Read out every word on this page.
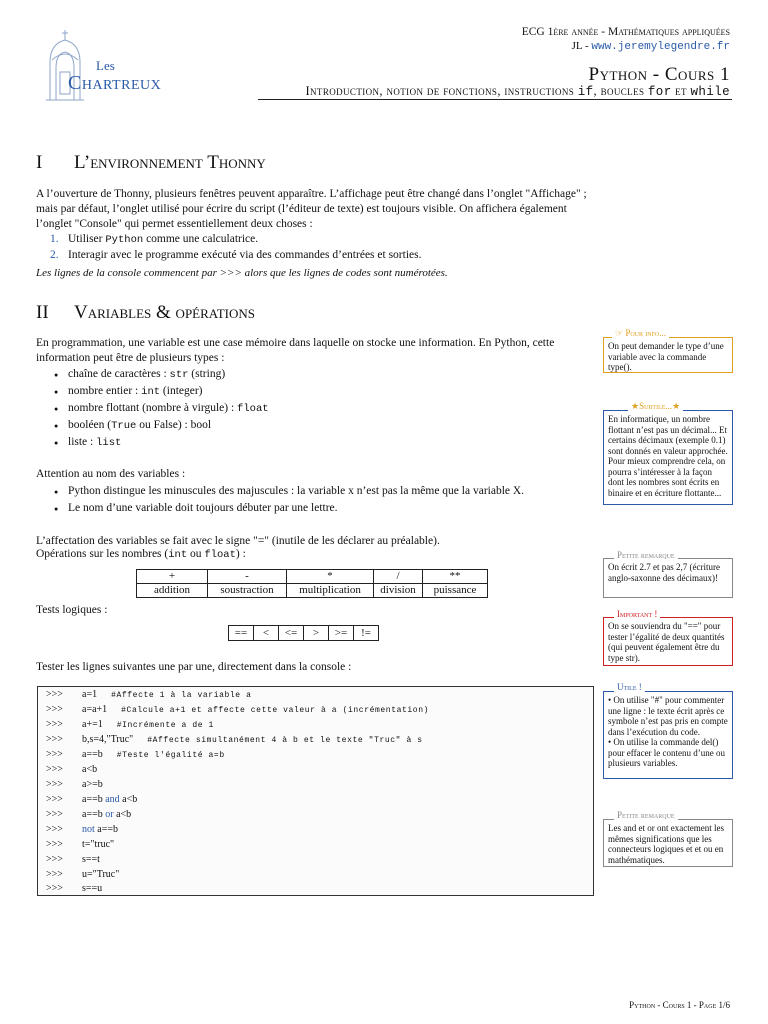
Les
Chartreux
ECG 1ère année - Mathématiques appliquées
JL - www.jeremylegendre.fr
Python - Cours 1
Introduction, notion de fonctions, instructions if, boucles for et while
I L’environnement Thonny
A l’ouverture de Thonny, plusieurs fenêtres peuvent apparaître. L’affichage peut être changé dans l’onglet "Affichage" ; mais par défaut, l’onglet utilisé pour écrire du script (l’éditeur de texte) est toujours visible. On affichera également l’onglet "Console" qui permet essentiellement deux choses :
1. Utiliser Python comme une calculatrice.
2. Interagir avec le programme exécuté via des commandes d’entrées et sorties.
Les lignes de la console commencent par >>> alors que les lignes de codes sont numérotées.
II Variables & opérations
En programmation, une variable est une case mémoire dans laquelle on stocke une information. En Python, cette information peut être de plusieurs types :
● chaîne de caractères : str (string)
● nombre entier : int (integer)
● nombre flottant (nombre à virgule) : float
● booléen (True ou False) : bool
● liste : list
Attention au nom des variables :
● Python distingue les minuscules des majuscules : la variable x n’est pas la même que la variable X.
● Le nom d’une variable doit toujours débuter par une lettre.
L’affectation des variables se fait avec le signe "=" (inutile de les déclarer au préalable).
Opérations sur les nombres (int ou float) :
+	-	*	/	**
addition	soustraction	multiplication	division	puissance
Tests logiques :
==	<	<=	>	>=	!=
Tester les lignes suivantes une par une, directement dans la console :
>>> a=1 #Affecte 1 à la variable a
>>> a=a+1 #Calcule a+1 et affecte cette valeur à a (incrémentation)
>>> a+=1 #Incrémente a de 1
>>> b,s=4,"Truc" #Affecte simultanément 4 à b et le texte "Truc" à s
>>> a==b #Teste l'égalité a=b
>>> a<b
>>> a>=b
>>> a==b and a<b
>>> a==b or a<b
>>> not a==b
>>> t="truc"
>>> s==t
>>> u="Truc"
>>> s==u
On peut demander le type d’une variable avec la commande type().
☞ Pour info...
En informatique, un nombre flottant n’est pas un décimal... Et certains décimaux (exemple 0.1) sont donnés en valeur approchée. Pour mieux comprendre cela, on pourra s’intéresser à la façon dont les nombres sont écrits en binaire et en écriture flottante...
★Subtile...★
On écrit 2.7 et pas 2,7 (écriture anglo-saxonne des décimaux)!
Petite remarque
On se souviendra du "==" pour tester l’égalité de deux quantités (qui peuvent également être du type str).
Important !
• On utilise "#" pour commenter une ligne : le texte écrit après ce symbole n’est pas pris en compte dans l’exécution du code.
• On utilise la commande del() pour effacer le contenu d’une ou plusieurs variables.
Utile !
Les and et or ont exactement les mêmes significations que les connecteurs logiques et et ou en mathématiques.
Petite remarque
Python - Cours 1 - Page 1/6
